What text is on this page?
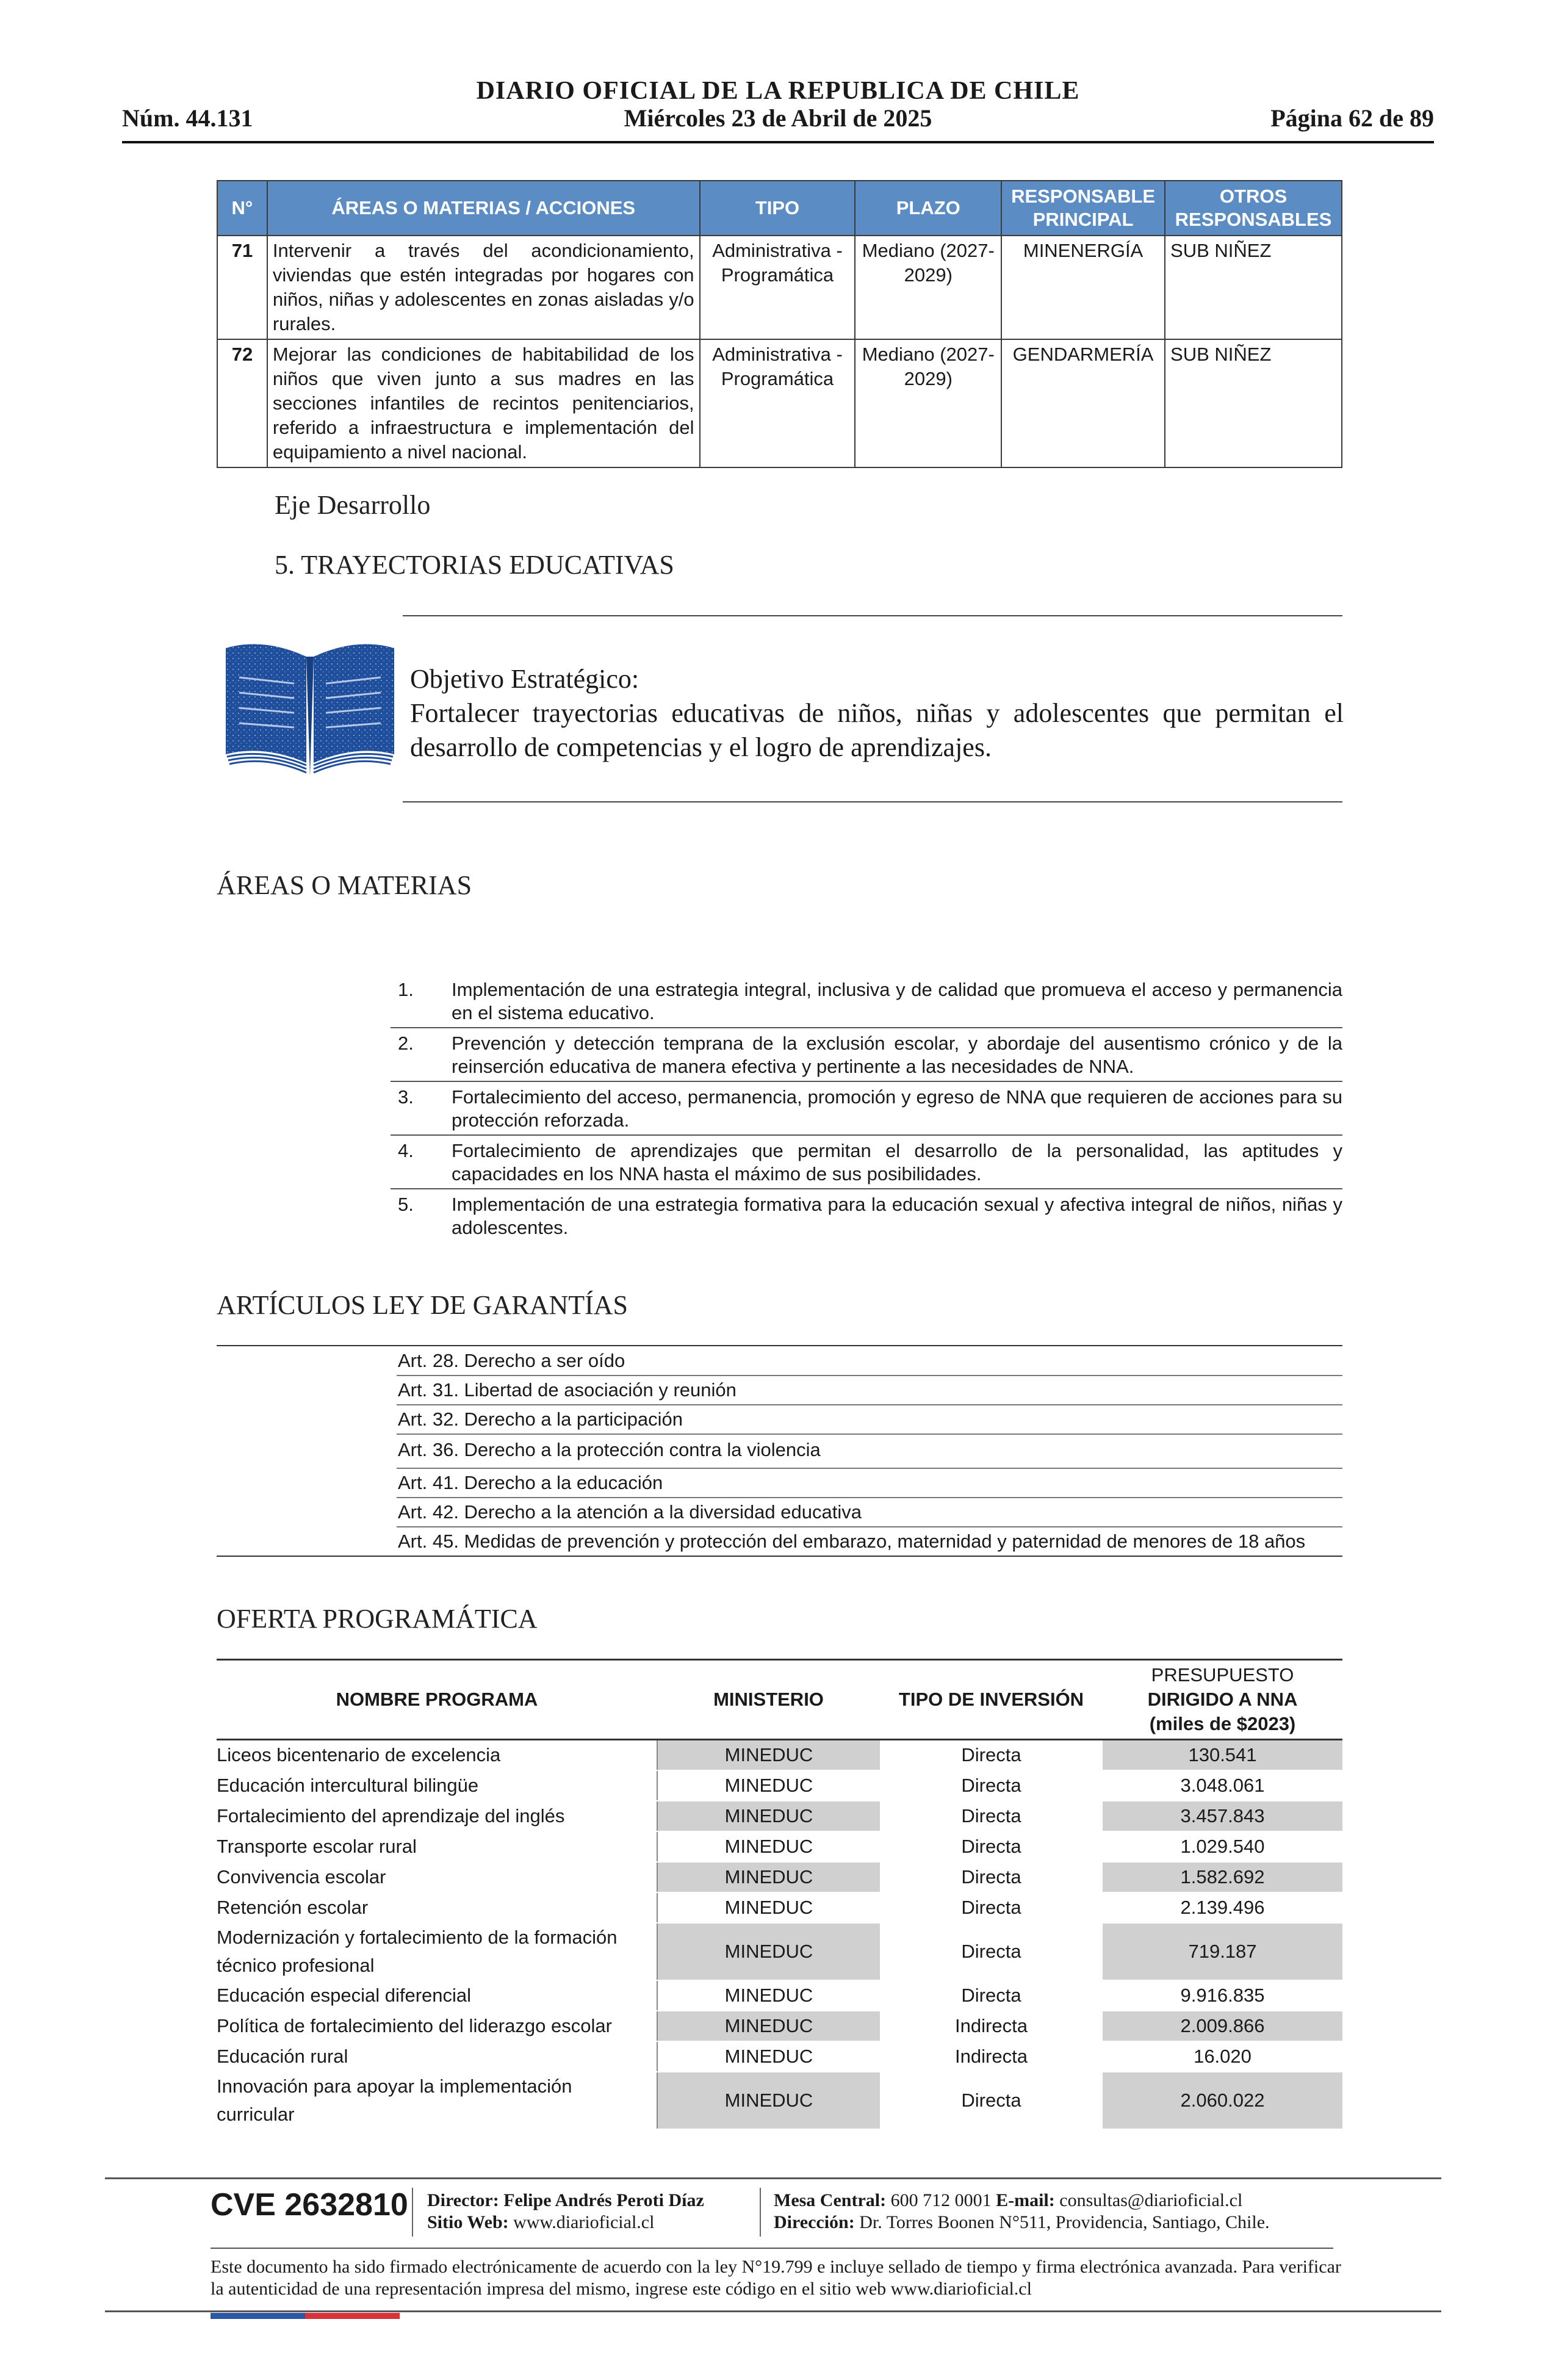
DIARIO OFICIAL DE LA REPUBLICA DE CHILE
Miércoles 23 de Abril de 2025
Núm. 44.131	Página 62 de 89
N°	ÁREAS O MATERIAS / ACCIONES	TIPO	PLAZO	RESPONSABLE PRINCIPAL	OTROS RESPONSABLES
71	Intervenir a través del acondicionamiento, viviendas que estén integradas por hogares con niños, niñas y adolescentes en zonas aisladas y/o rurales.	Administrativa - Programática	Mediano (2027-2029)	MINENERGÍA	SUB NIÑEZ
72	Mejorar las condiciones de habitabilidad de los niños que viven junto a sus madres en las secciones infantiles de recintos penitenciarios, referido a infraestructura e implementación del equipamiento a nivel nacional.	Administrativa - Programática	Mediano (2027-2029)	GENDARMERÍA	SUB NIÑEZ
Eje Desarrollo
5. TRAYECTORIAS EDUCATIVAS
Objetivo Estratégico:
Fortalecer trayectorias educativas de niños, niñas y adolescentes que permitan el desarrollo de competencias y el logro de aprendizajes.
ÁREAS O MATERIAS
1.	Implementación de una estrategia integral, inclusiva y de calidad que promueva el acceso y permanencia en el sistema educativo.
2.	Prevención y detección temprana de la exclusión escolar, y abordaje del ausentismo crónico y de la reinserción educativa de manera efectiva y pertinente a las necesidades de NNA.
3.	Fortalecimiento del acceso, permanencia, promoción y egreso de NNA que requieren de acciones para su protección reforzada.
4.	Fortalecimiento de aprendizajes que permitan el desarrollo de la personalidad, las aptitudes y capacidades en los NNA hasta el máximo de sus posibilidades.
5.	Implementación de una estrategia formativa para la educación sexual y afectiva integral de niños, niñas y adolescentes.
ARTÍCULOS LEY DE GARANTÍAS
Art. 28. Derecho a ser oído
Art. 31. Libertad de asociación y reunión
Art. 32. Derecho a la participación
Art. 36. Derecho a la protección contra la violencia
Art. 41. Derecho a la educación
Art. 42. Derecho a la atención a la diversidad educativa
Art. 45. Medidas de prevención y protección del embarazo, maternidad y paternidad de menores de 18 años
OFERTA PROGRAMÁTICA

NOMBRE PROGRAMA	MINISTERIO	TIPO DE INVERSIÓN	PRESUPUESTO
DIRIGIDO A NNA
(miles de $2023)

Liceos bicentenario de excelencia	MINEDUC	Directa	130.541
Educación intercultural bilingüe	MINEDUC	Directa	3.048.061
Fortalecimiento del aprendizaje del inglés	MINEDUC	Directa	3.457.843
Transporte escolar rural	MINEDUC	Directa	1.029.540
Convivencia escolar	MINEDUC	Directa	1.582.692
Retención escolar	MINEDUC	Directa	2.139.496
Modernización y fortalecimiento de la formación técnico profesional	MINEDUC	Directa	719.187
Educación especial diferencial	MINEDUC	Directa	9.916.835
Política de fortalecimiento del liderazgo escolar	MINEDUC	Indirecta	2.009.866
Educación rural	MINEDUC	Indirecta	16.020
Innovación para apoyar la implementación curricular	MINEDUC	Directa	2.060.022
CVE 2632810 Director: Felipe Andrés Peroti Díaz
Sitio Web: www.diarioficial.cl
Mesa Central: 600 712 0001 E-mail: consultas@diarioficial.cl
Dirección: Dr. Torres Boonen N°511, Providencia, Santiago, Chile.
Este documento ha sido firmado electrónicamente de acuerdo con la ley N°19.799 e incluye sellado de tiempo y firma electrónica avanzada. Para verificar la autenticidad de una representación impresa del mismo, ingrese este código en el sitio web www.diarioficial.cl
